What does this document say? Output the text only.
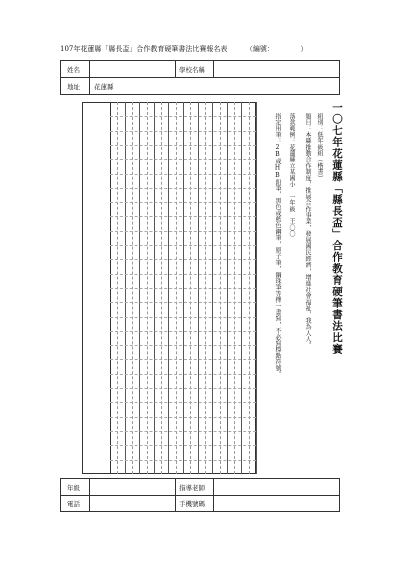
107年花蓮縣「縣長盃」合作教育硬筆書法比賽報名表	（編號：	）
姓名	學校名稱
地址 花蓮縣
一〇七年花蓮縣「縣長盃」合作教育硬筆書法比賽
組別：低年級組（楷書）
題目：本縣推動合作制度，推展合作事業，發展國民經濟，增進社會福祉，我為人人。
落款範例：花蓮縣立某國小　一年級　王〇〇
指定用筆：2B或HB鉛筆，黑色或藍色鋼筆，原子筆，鋼珠筆等擇一書寫，不必寫標點符號。
年級	指導老師
電話	手機號碼
